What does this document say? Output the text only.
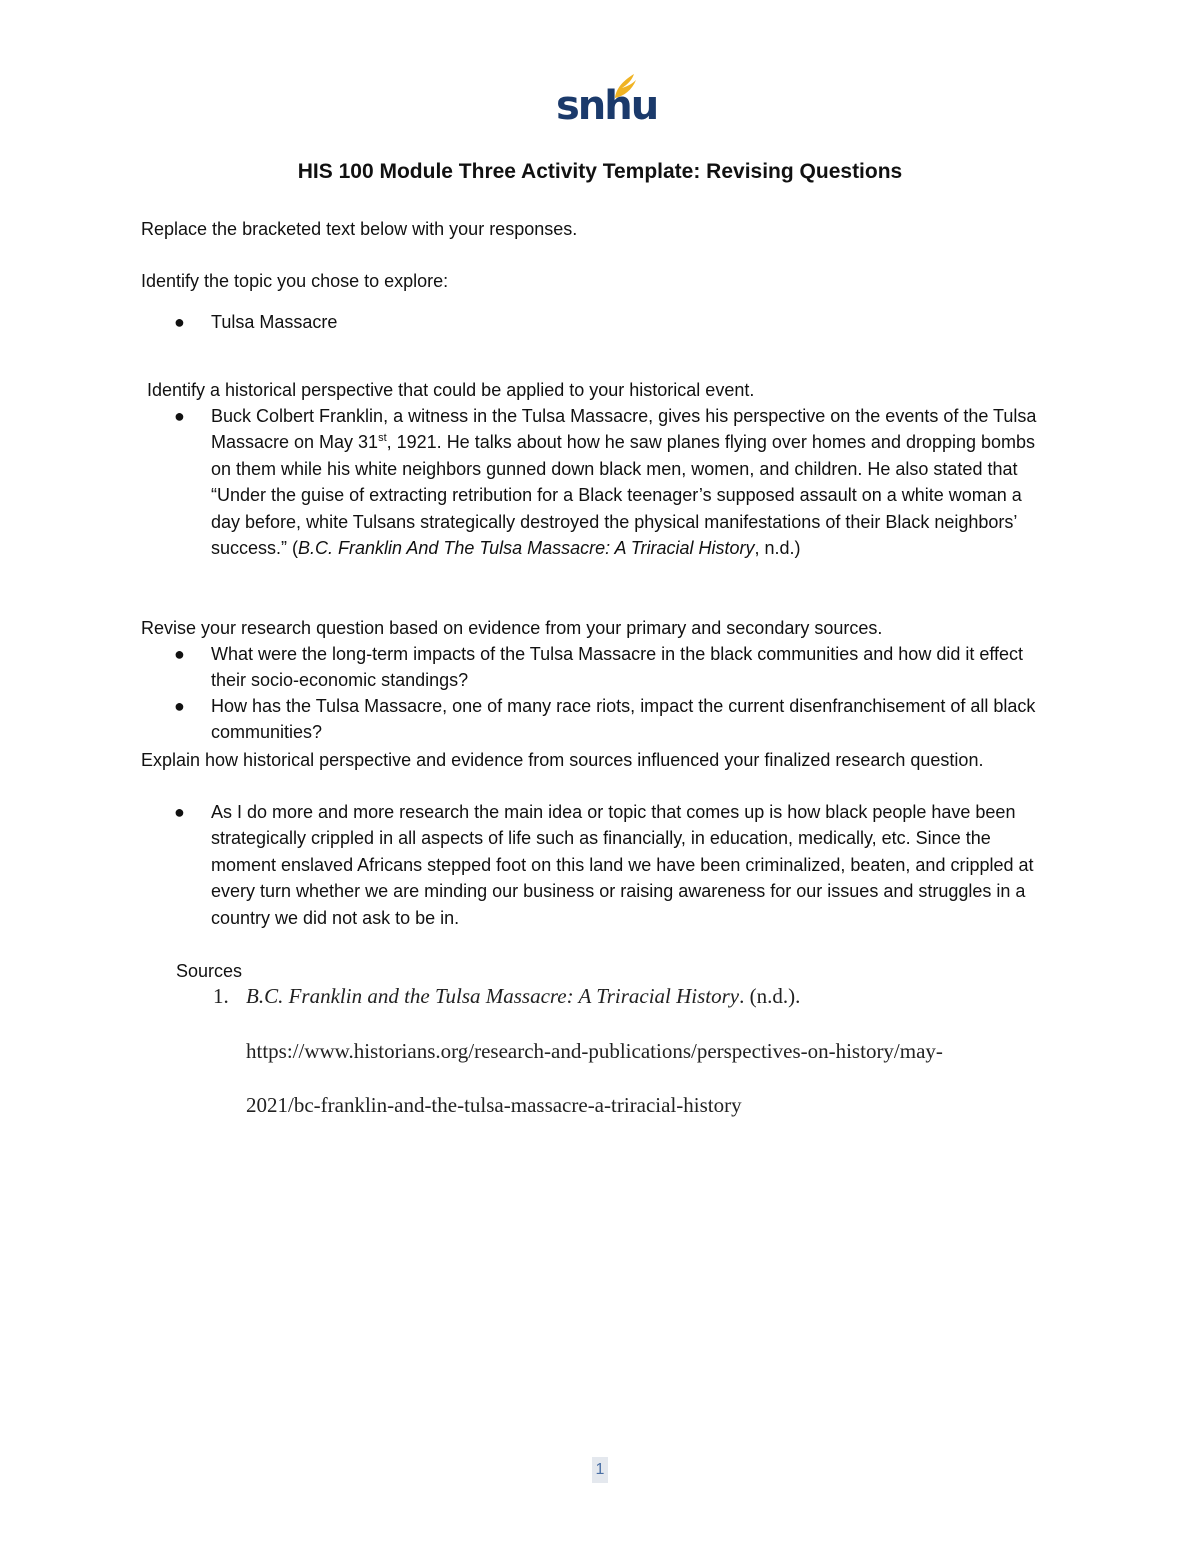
snhu
HIS 100 Module Three Activity Template: Revising Questions

Replace the bracketed text below with your responses.

Identify the topic you chose to explore:

● Tulsa Massacre

Identify a historical perspective that could be applied to your historical event.

● Buck Colbert Franklin, a witness in the Tulsa Massacre, gives his perspective on the events of the Tulsa Massacre on May 31st, 1921. He talks about how he saw planes flying over homes and dropping bombs on them while his white neighbors gunned down black men, women, and children. He also stated that “Under the guise of extracting retribution for a Black teenager’s supposed assault on a white woman a day before, white Tulsans strategically destroyed the physical manifestations of their Black neighbors’ success.” (B.C. Franklin And The Tulsa Massacre: A Triracial History, n.d.)

Revise your research question based on evidence from your primary and secondary sources.

● What were the long-term impacts of the Tulsa Massacre in the black communities and how did it effect their socio-economic standings?
● How has the Tulsa Massacre, one of many race riots, impact the current disenfranchisement of all black communities?

Explain how historical perspective and evidence from sources influenced your finalized research question.

● As I do more and more research the main idea or topic that comes up is how black people have been strategically crippled in all aspects of life such as financially, in education, medically, etc. Since the moment enslaved Africans stepped foot on this land we have been criminalized, beaten, and crippled at every turn whether we are minding our business or raising awareness for our issues and struggles in a country we did not ask to be in.

Sources

1. B.C. Franklin and the Tulsa Massacre: A Triracial History. (n.d.).
https://www.historians.org/research-and-publications/perspectives-on-history/may-
2021/bc-franklin-and-the-tulsa-massacre-a-triracial-history
1
